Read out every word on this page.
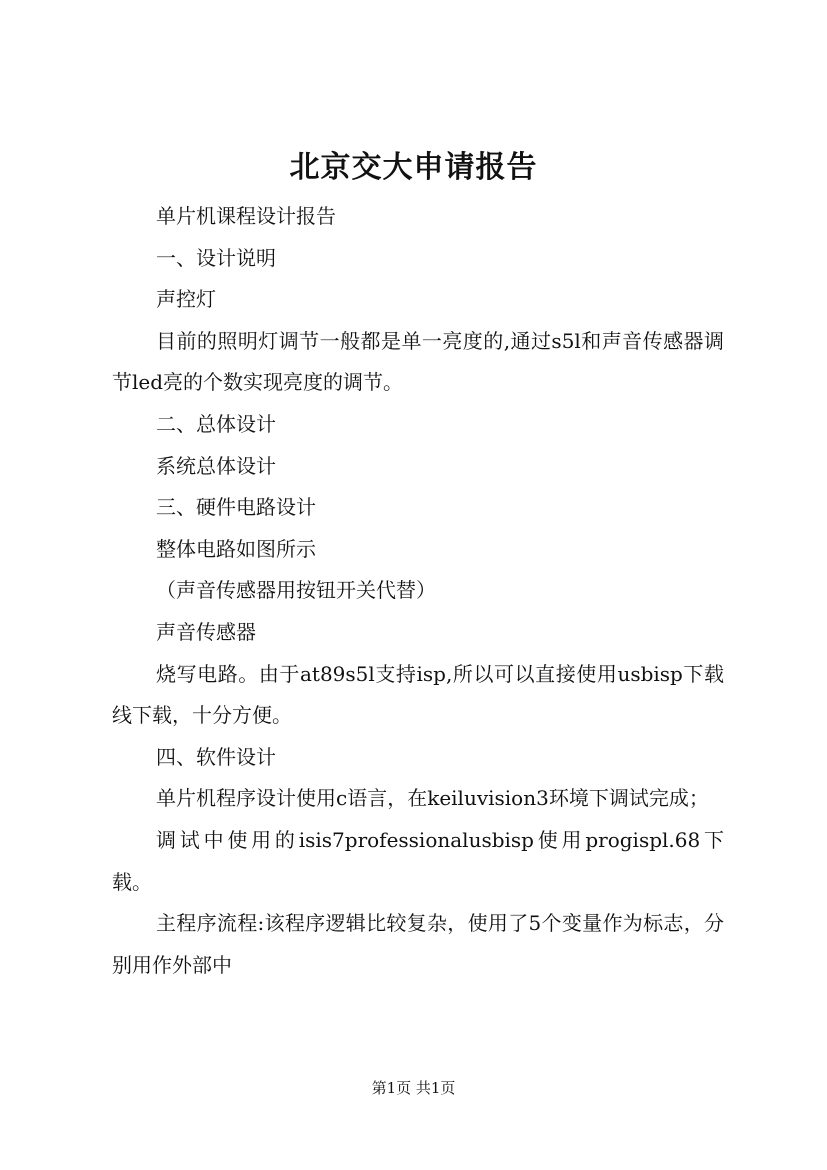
北京交大申请报告

单片机课程设计报告

一、设计说明

声控灯

目前的照明灯调节一般都是单一亮度的,通过s5l和声音传感器调节led亮的个数实现亮度的调节。

二、总体设计

系统总体设计

三、硬件电路设计

整体电路如图所示

（声音传感器用按钮开关代替）

声音传感器

烧写电路。由于at89s5l支持isp,所以可以直接使用usbisp下载线下载，十分方便。

四、软件设计

单片机程序设计使用c语言，在keiluvision3环境下调试完成；

调试中使用的isis7professionalusbisp使用progispl.68下载。

主程序流程:该程序逻辑比较复杂，使用了5个变量作为标志，分别用作外部中

第1页 共1页
